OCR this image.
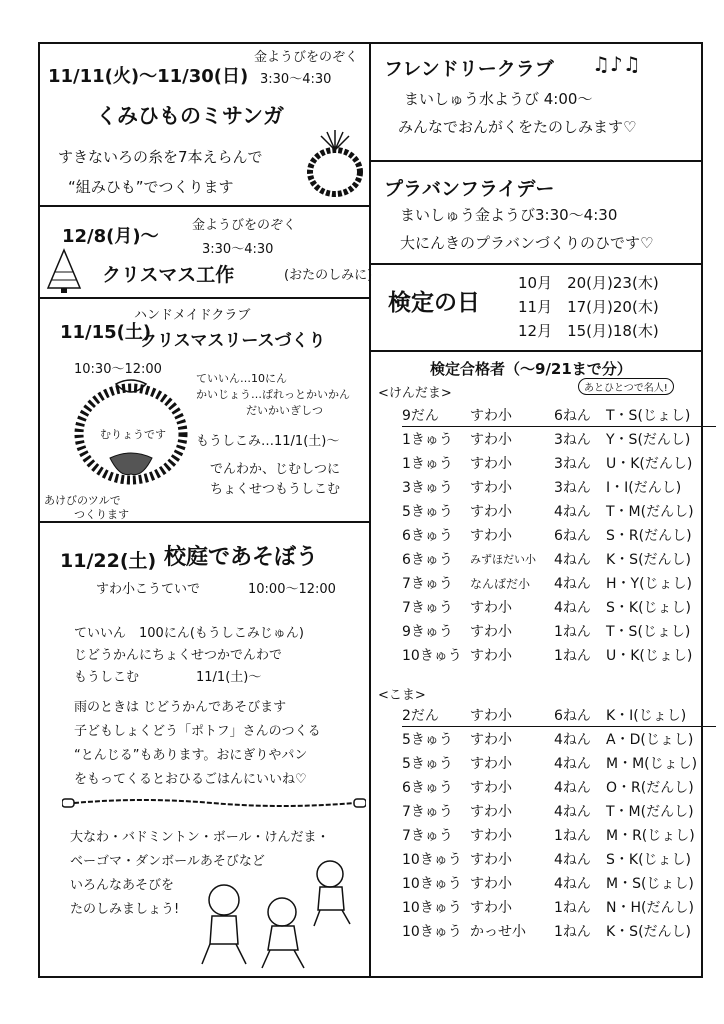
11/11(火)〜11/30(日)
金ようびをのぞく
3:30〜4:30
くみひものミサンガ
すきないろの糸を7本えらんで
“組みひも”でつくります
12/8(月)〜
金ようびをのぞく
3:30〜4:30
クリスマス工作	(おたのしみに)
11/15(土)
ハンドメイドクラブ
クリスマスリースづくり
10:30〜12:00
ていいん…10にん
かいじょう…ぱれっとかいかん
だいかいぎしつ
もうしこみ…11/1(土)〜
でんわか、じむしつに
ちょくせつもうしこむ
むりょうです
あけびのツルで
つくります
11/22(土) 校庭であそぼう
すわ小こうていで	10:00〜12:00
ていいん　100にん(もうしこみじゅん)
じどうかんにちょくせつかでんわで
もうしこむ	11/1(土)〜
雨のときは じどうかんであそびます
子どもしょくどう「ポトフ」さんのつくる
“とんじる”もあります。おにぎりやパン
をもってくるとおひるごはんにいいね♡
大なわ・バドミントン・ボール・けんだま・
ベーゴマ・ダンボールあそびなど
いろんなあそびを
たのしみましょう!
フレンドリークラブ ♫♪♫
まいしゅう水ようび 4:00〜
みんなでおんがくをたのしみます♡
プラバンフライデー
まいしゅう金ようび3:30〜4:30
大にんきのプラバンづくりのひです♡
検定の日
10月　20(月)23(木)
11月　17(月)20(木)
12月　15(月)18(木)
検定合格者（〜9/21まで分）
あとひとつで名人!
<けんだま>
9だん	すわ小	6ねん	T・S(じょし)
1きゅう	すわ小	3ねん	Y・S(だんし)
1きゅう	すわ小	3ねん	U・K(だんし)
3きゅう	すわ小	3ねん	I・I(だんし)
5きゅう	すわ小	4ねん	T・M(だんし)
6きゅう	すわ小	6ねん	S・R(だんし)
6きゅう	みずほだい小	4ねん	K・S(だんし)
7きゅう	なんばだ小	4ねん	H・Y(じょし)
7きゅう	すわ小	4ねん	S・K(じょし)
9きゅう	すわ小	1ねん	T・S(じょし)
10きゅう すわ小	1ねん	U・K(じょし)
<こま>
2だん	すわ小	6ねん	K・I(じょし)
5きゅう	すわ小	4ねん	A・D(じょし)
5きゅう	すわ小	4ねん	M・M(じょし)
6きゅう	すわ小	4ねん	O・R(だんし)
7きゅう	すわ小	4ねん	T・M(だんし)
7きゅう	すわ小	1ねん	M・R(じょし)
10きゅう すわ小	4ねん	S・K(じょし)
10きゅう すわ小	4ねん	M・S(じょし)
10きゅう すわ小	1ねん	N・H(だんし)
10きゅう かっせ小	1ねん	K・S(だんし)
